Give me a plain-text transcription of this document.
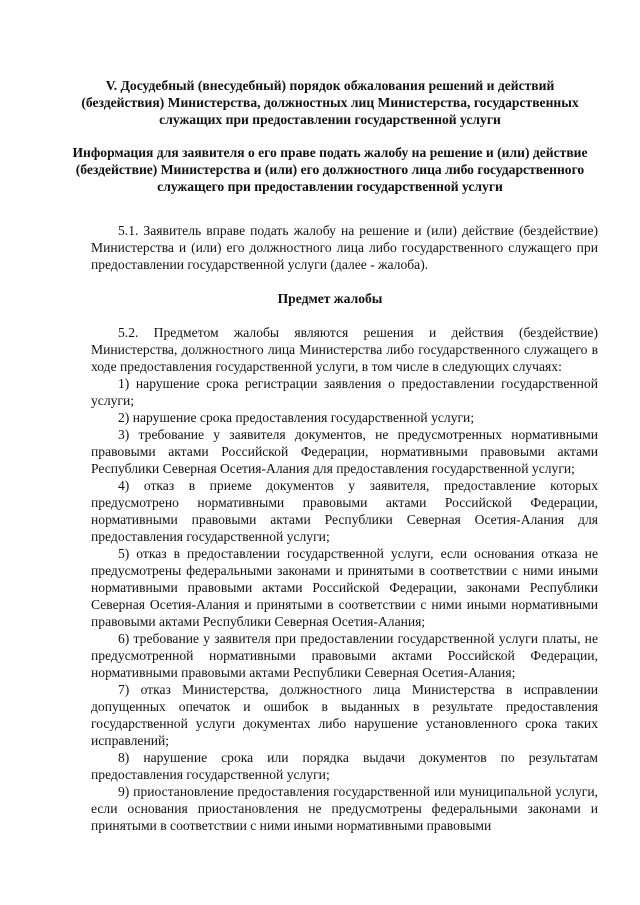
V. Досудебный (внесудебный) порядок обжалования решений и действий (бездействия) Министерства, должностных лиц Министерства, государственных служащих при предоставлении государственной услуги
Информация для заявителя о его праве подать жалобу на решение и (или) действие (бездействие) Министерства и (или) его должностного лица либо государственного служащего при предоставлении государственной услуги

5.1. Заявитель вправе подать жалобу на решение и (или) действие (бездействие) Министерства и (или) его должностного лица либо государственного служащего при предоставлении государственной услуги (далее - жалоба).

Предмет жалобы

5.2. Предметом жалобы являются решения и действия (бездействие) Министерства, должностного лица Министерства либо государственного служащего в ходе предоставления государственной услуги, в том числе в следующих случаях:

1) нарушение срока регистрации заявления о предоставлении государственной услуги;

2) нарушение срока предоставления государственной услуги;

3) требование у заявителя документов, не предусмотренных нормативными правовыми актами Российской Федерации, нормативными правовыми актами Республики Северная Осетия-Алания для предоставления государственной услуги;

4) отказ в приеме документов у заявителя, предоставление которых предусмотрено нормативными правовыми актами Российской Федерации, нормативными правовыми актами Республики Северная Осетия-Алания для предоставления государственной услуги;

5) отказ в предоставлении государственной услуги, если основания отказа не предусмотрены федеральными законами и принятыми в соответствии с ними иными нормативными правовыми актами Российской Федерации, законами Республики Северная Осетия-Алания и принятыми в соответствии с ними иными нормативными правовыми актами Республики Северная Осетия-Алания;

6) требование у заявителя при предоставлении государственной услуги платы, не предусмотренной нормативными правовыми актами Российской Федерации, нормативными правовыми актами Республики Северная Осетия-Алания;

7) отказ Министерства, должностного лица Министерства в исправлении допущенных опечаток и ошибок в выданных в результате предоставления государственной услуги документах либо нарушение установленного срока таких исправлений;

8) нарушение срока или порядка выдачи документов по результатам предоставления государственной услуги;

9) приостановление предоставления государственной или муниципальной услуги, если основания приостановления не предусмотрены федеральными законами и принятыми в соответствии с ними иными нормативными правовыми
